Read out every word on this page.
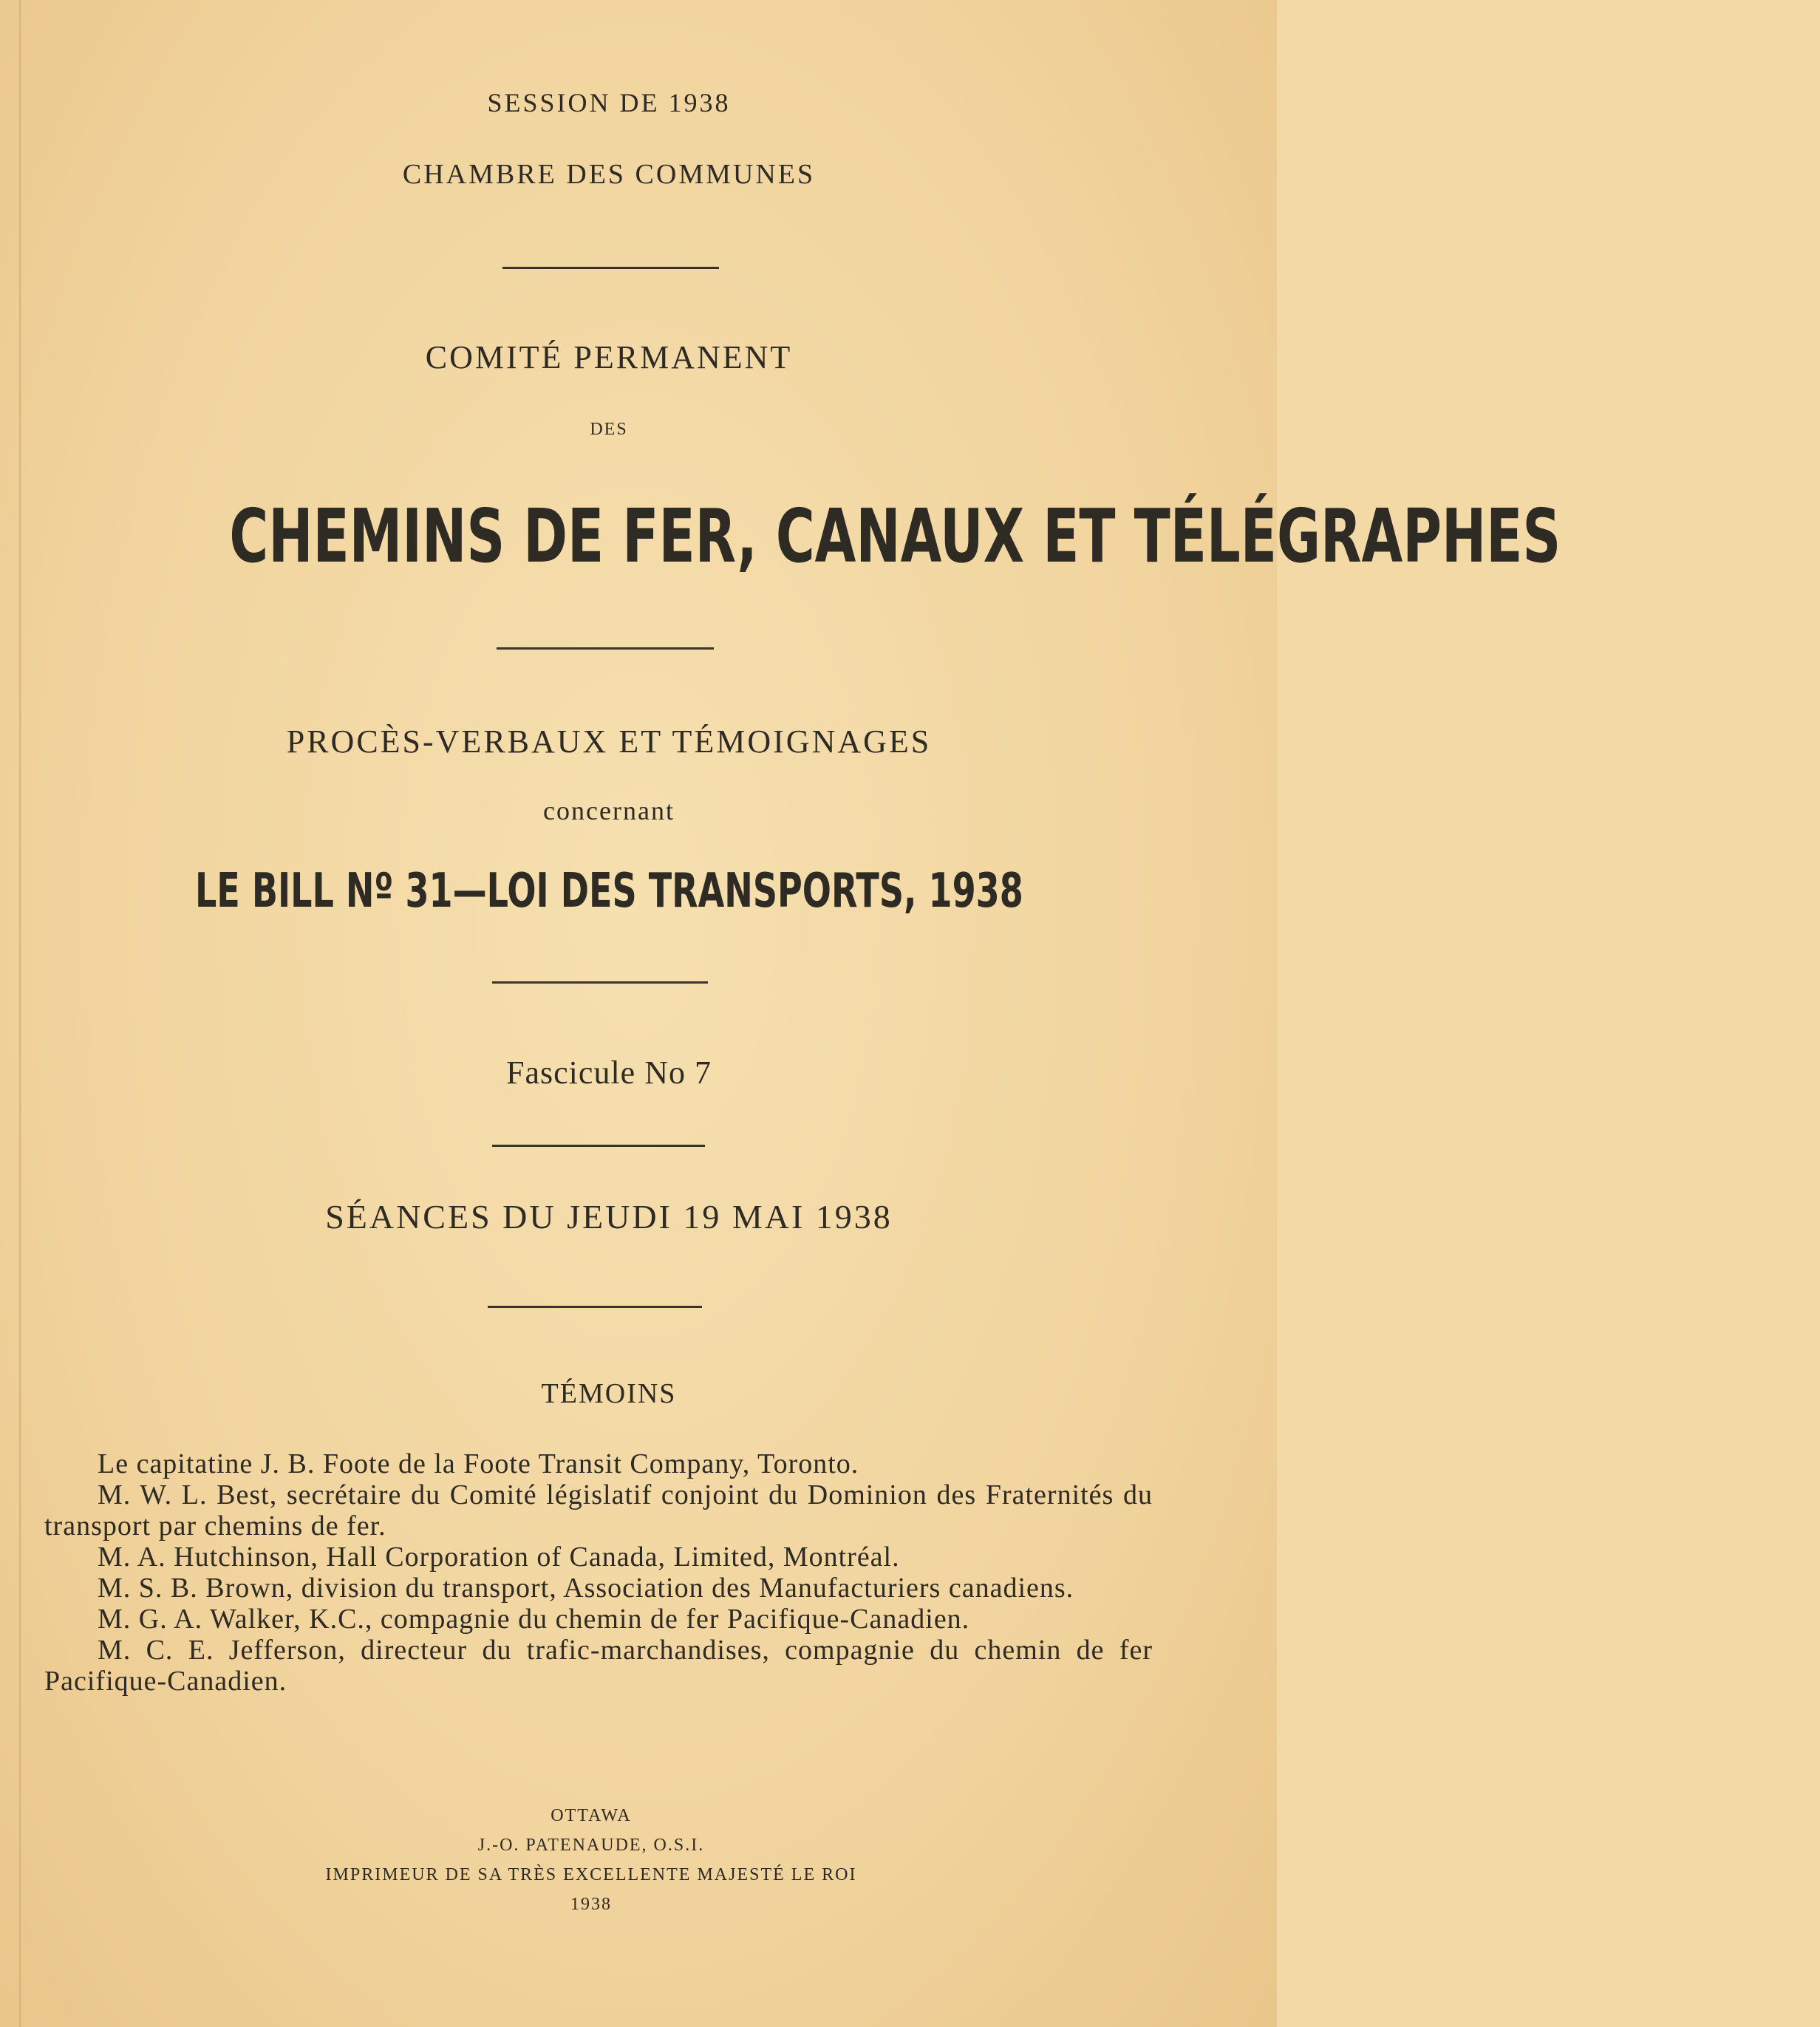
SESSION DE 1938
CHAMBRE DES COMMUNES
COMITÉ PERMANENT
DES
CHEMINS DE FER, CANAUX ET TÉLÉGRAPHES
PROCÈS-VERBAUX ET TÉMOIGNAGES
concernant
LE BILL Nº 31—LOI DES TRANSPORTS, 1938
Fascicule No 7
SÉANCES DU JEUDI 19 MAI 1938
TÉMOINS

Le capitatine J. B. Foote de la Foote Transit Company, Toronto.

M. W. L. Best, secrétaire du Comité législatif conjoint du Dominion des Fraternités du transport par chemins de fer.

M. A. Hutchinson, Hall Corporation of Canada, Limited, Montréal.

M. S. B. Brown, division du transport, Association des Manufacturiers canadiens.

M. G. A. Walker, K.C., compagnie du chemin de fer Pacifique-Canadien.

M. C. E. Jefferson, directeur du trafic-marchandises, compagnie du chemin de fer Pacifique-Canadien.

OTTAWA
J.-O. PATENAUDE, O.S.I.
IMPRIMEUR DE SA TRÈS EXCELLENTE MAJESTÉ LE ROI
1938
